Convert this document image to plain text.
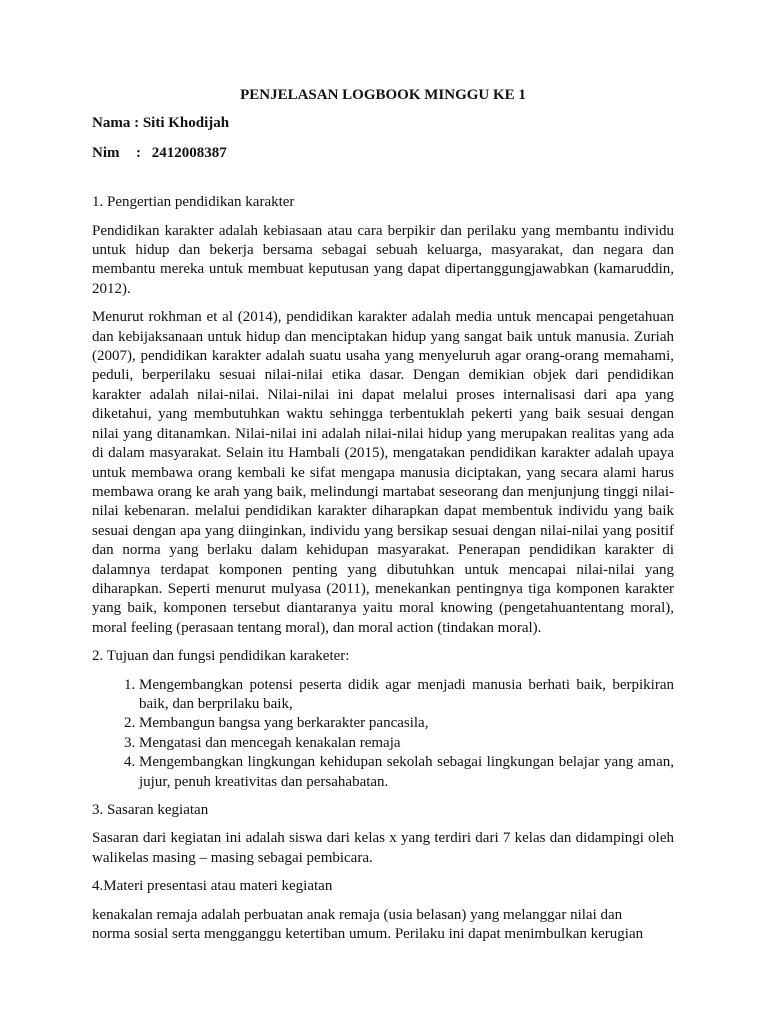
PENJELASAN LOGBOOK MINGGU KE 1

Nama : Siti Khodijah

Nim : 2412008387

1. Pengertian pendidikan karakter

Pendidikan karakter adalah kebiasaan atau cara berpikir dan perilaku yang membantu individu untuk hidup dan bekerja bersama sebagai sebuah keluarga, masyarakat, dan negara dan membantu mereka untuk membuat keputusan yang dapat dipertanggungjawabkan (kamaruddin, 2012).

Menurut rokhman et al (2014), pendidikan karakter adalah media untuk mencapai pengetahuan dan kebijaksanaan untuk hidup dan menciptakan hidup yang sangat baik untuk manusia. Zuriah (2007), pendidikan karakter adalah suatu usaha yang menyeluruh agar orang-orang memahami, peduli, berperilaku sesuai nilai-nilai etika dasar. Dengan demikian objek dari pendidikan karakter adalah nilai-nilai. Nilai-nilai ini dapat melalui proses internalisasi dari apa yang diketahui, yang membutuhkan waktu sehingga terbentuklah pekerti yang baik sesuai dengan nilai yang ditanamkan. Nilai-nilai ini adalah nilai-nilai hidup yang merupakan realitas yang ada di dalam masyarakat. Selain itu Hambali (2015), mengatakan pendidikan karakter adalah upaya untuk membawa orang kembali ke sifat mengapa manusia diciptakan, yang secara alami harus membawa orang ke arah yang baik, melindungi martabat seseorang dan menjunjung tinggi nilai-nilai kebenaran. melalui pendidikan karakter diharapkan dapat membentuk individu yang baik sesuai dengan apa yang diinginkan, individu yang bersikap sesuai dengan nilai-nilai yang positif dan norma yang berlaku dalam kehidupan masyarakat. Penerapan pendidikan karakter di dalamnya terdapat komponen penting yang dibutuhkan untuk mencapai nilai-nilai yang diharapkan. Seperti menurut mulyasa (2011), menekankan pentingnya tiga komponen karakter yang baik, komponen tersebut diantaranya yaitu moral knowing (pengetahuantentang moral), moral feeling (perasaan tentang moral), dan moral action (tindakan moral).

2. Tujuan dan fungsi pendidikan karaketer:

1. Mengembangkan potensi peserta didik agar menjadi manusia berhati baik, berpikiran baik, dan berprilaku baik,
2. Membangun bangsa yang berkarakter pancasila,
3. Mengatasi dan mencegah kenakalan remaja
4. Mengembangkan lingkungan kehidupan sekolah sebagai lingkungan belajar yang aman, jujur, penuh kreativitas dan persahabatan.

3. Sasaran kegiatan

Sasaran dari kegiatan ini adalah siswa dari kelas x yang terdiri dari 7 kelas dan didampingi oleh walikelas masing – masing sebagai pembicara.

4.Materi presentasi atau materi kegiatan

kenakalan remaja adalah perbuatan anak remaja (usia belasan) yang melanggar nilai dan

norma sosial serta mengganggu ketertiban umum. Perilaku ini dapat menimbulkan kerugian
